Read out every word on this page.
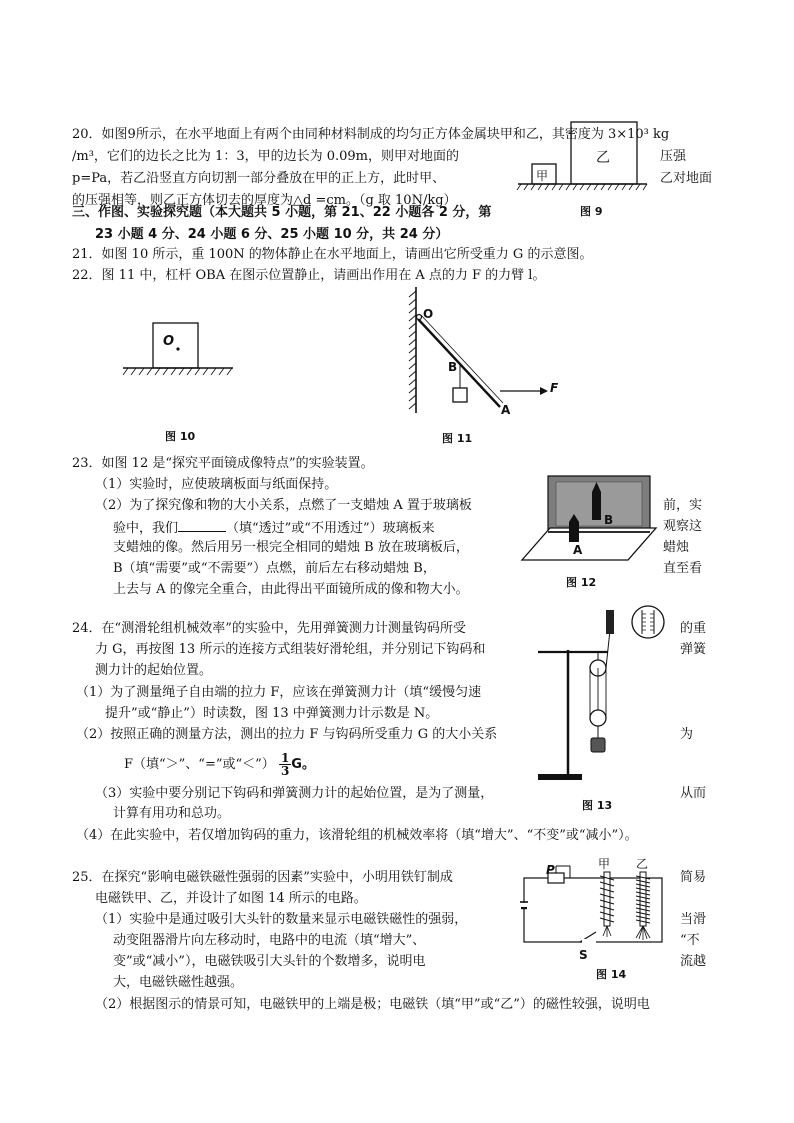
20．如图9所示，在水平地面上有两个由同种材料制成的均匀正方体金属块甲和乙，其密度为 3×10³ kg
/m³，它们的边长之比为 1：3，甲的边长为 0.09m，则甲对地面的	压强
p=Pa，若乙沿竖直方向切割一部分叠放在甲的正上方，此时甲、	乙对地面
的压强相等，则乙正方体切去的厚度为△d =cm。（g 取 10N/kg）
甲
乙
图 9
三、作图、实验探究题（本大题共 5 小题，第 21、22 小题各 2 分，第
23 小题 4 分、24 小题 6 分、25 小题 10 分，共 24 分）
21．如图 10 所示，重 100N 的物体静止在水平地面上，请画出它所受重力 G 的示意图。
22．图 11 中，杠杆 OBA 在图示位置静止，请画出作用在 A 点的力 F 的力臂 l。
O
图 10
O
B
A
F
图 11
23．如图 12 是“探究平面镜成像特点”的实验装置。
（1）实验时，应使玻璃板面与纸面保持。
（2）为了探究像和物的大小关系，点燃了一支蜡烛 A 置于玻璃板	前，实
验中，我们	（填“透过”或“不用透过”）玻璃板来	观察这
支蜡烛的像。然后用另一根完全相同的蜡烛 B 放在玻璃板后，	蜡烛
B（填“需要”或“不需要”）点燃，前后左右移动蜡烛 B，	直至看
上去与 A 的像完全重合，由此得出平面镜所成的像和物大小。
B
A
图 12
24．在“测滑轮组机械效率”的实验中，先用弹簧测力计测量钩码所受	的重
力 G，再按图 13 所示的连接方式组装好滑轮组，并分别记下钩码和	弹簧
测力计的起始位置。
（1）为了测量绳子自由端的拉力 F，应该在弹簧测力计（填“缓慢匀速
提升”或“静止”）时读数，图 13 中弹簧测力计示数是 N。
（2）按照正确的测量方法，测出的拉力 F 与钩码所受重力 G 的大小关系	为
F（填“＞”、“=”或“＜”） $\frac{1}{3}$ G。
（3）实验中要分别记下钩码和弹簧测力计的起始位置，是为了测量，	从而
计算有用功和总功。
（4）在此实验中，若仅增加钩码的重力，该滑轮组的机械效率将（填“增大”、“不变”或“减小”）。
图 13
25．在探究“影响电磁铁磁性强弱的因素”实验中，小明用铁钉制成	简易
电磁铁甲、乙，并设计了如图 14 所示的电路。
（1）实验中是通过吸引大头针的数量来显示电磁铁磁性的强弱，	当滑
动变阻器滑片向左移动时，电路中的电流（填“增大”、	“不
变”或“减小”），电磁铁吸引大头针的个数增多，说明电	流越
大，电磁铁磁性越强。
（2）根据图示的情景可知，电磁铁甲的上端是极；电磁铁（填“甲”或“乙”）的磁性较强，说明电
P
S
甲 乙
图 14
